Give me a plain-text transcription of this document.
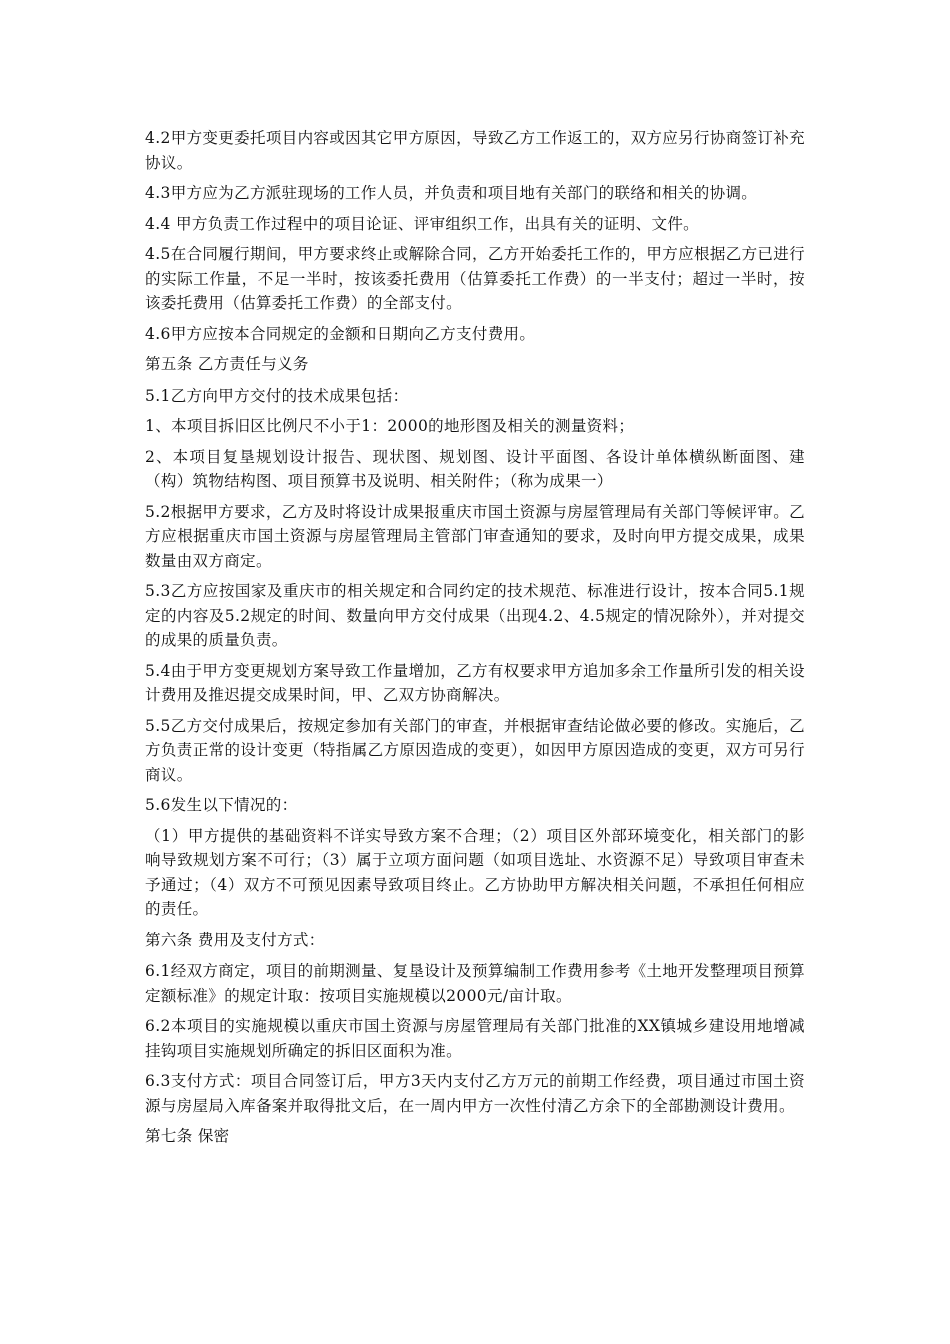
4.2甲方变更委托项目内容或因其它甲方原因，导致乙方工作返工的，双方应另行协商签订补充协议。

4.3甲方应为乙方派驻现场的工作人员，并负责和项目地有关部门的联络和相关的协调。

4.4 甲方负责工作过程中的项目论证、评审组织工作，出具有关的证明、文件。

4.5在合同履行期间，甲方要求终止或解除合同，乙方开始委托工作的，甲方应根据乙方已进行的实际工作量，不足一半时，按该委托费用（估算委托工作费）的一半支付；超过一半时，按该委托费用（估算委托工作费）的全部支付。

4.6甲方应按本合同规定的金额和日期向乙方支付费用。

第五条 乙方责任与义务

5.1乙方向甲方交付的技术成果包括：

1、本项目拆旧区比例尺不小于1：2000的地形图及相关的测量资料；

2、本项目复垦规划设计报告、现状图、规划图、设计平面图、各设计单体横纵断面图、建（构）筑物结构图、项目预算书及说明、相关附件；（称为成果一）

5.2根据甲方要求，乙方及时将设计成果报重庆市国土资源与房屋管理局有关部门等候评审。乙方应根据重庆市国土资源与房屋管理局主管部门审查通知的要求，及时向甲方提交成果，成果数量由双方商定。

5.3乙方应按国家及重庆市的相关规定和合同约定的技术规范、标准进行设计，按本合同5.1规定的内容及5.2规定的时间、数量向甲方交付成果（出现4.2、4.5规定的情况除外），并对提交的成果的质量负责。

5.4由于甲方变更规划方案导致工作量增加，乙方有权要求甲方追加多余工作量所引发的相关设计费用及推迟提交成果时间，甲、乙双方协商解决。

5.5乙方交付成果后，按规定参加有关部门的审查，并根据审查结论做必要的修改。实施后，乙方负责正常的设计变更（特指属乙方原因造成的变更），如因甲方原因造成的变更，双方可另行商议。

5.6发生以下情况的：

（1）甲方提供的基础资料不详实导致方案不合理；（2）项目区外部环境变化，相关部门的影响导致规划方案不可行；（3）属于立项方面问题（如项目选址、水资源不足）导致项目审查未予通过；（4）双方不可预见因素导致项目终止。乙方协助甲方解决相关问题，不承担任何相应的责任。

第六条 费用及支付方式：

6.1经双方商定，项目的前期测量、复垦设计及预算编制工作费用参考《土地开发整理项目预算定额标准》的规定计取：按项目实施规模以2000元/亩计取。

6.2本项目的实施规模以重庆市国土资源与房屋管理局有关部门批准的XX镇城乡建设用地增减挂钩项目实施规划所确定的拆旧区面积为准。

6.3支付方式：项目合同签订后，甲方3天内支付乙方万元的前期工作经费，项目通过市国土资源与房屋局入库备案并取得批文后，在一周内甲方一次性付清乙方余下的全部勘测设计费用。

第七条 保密
